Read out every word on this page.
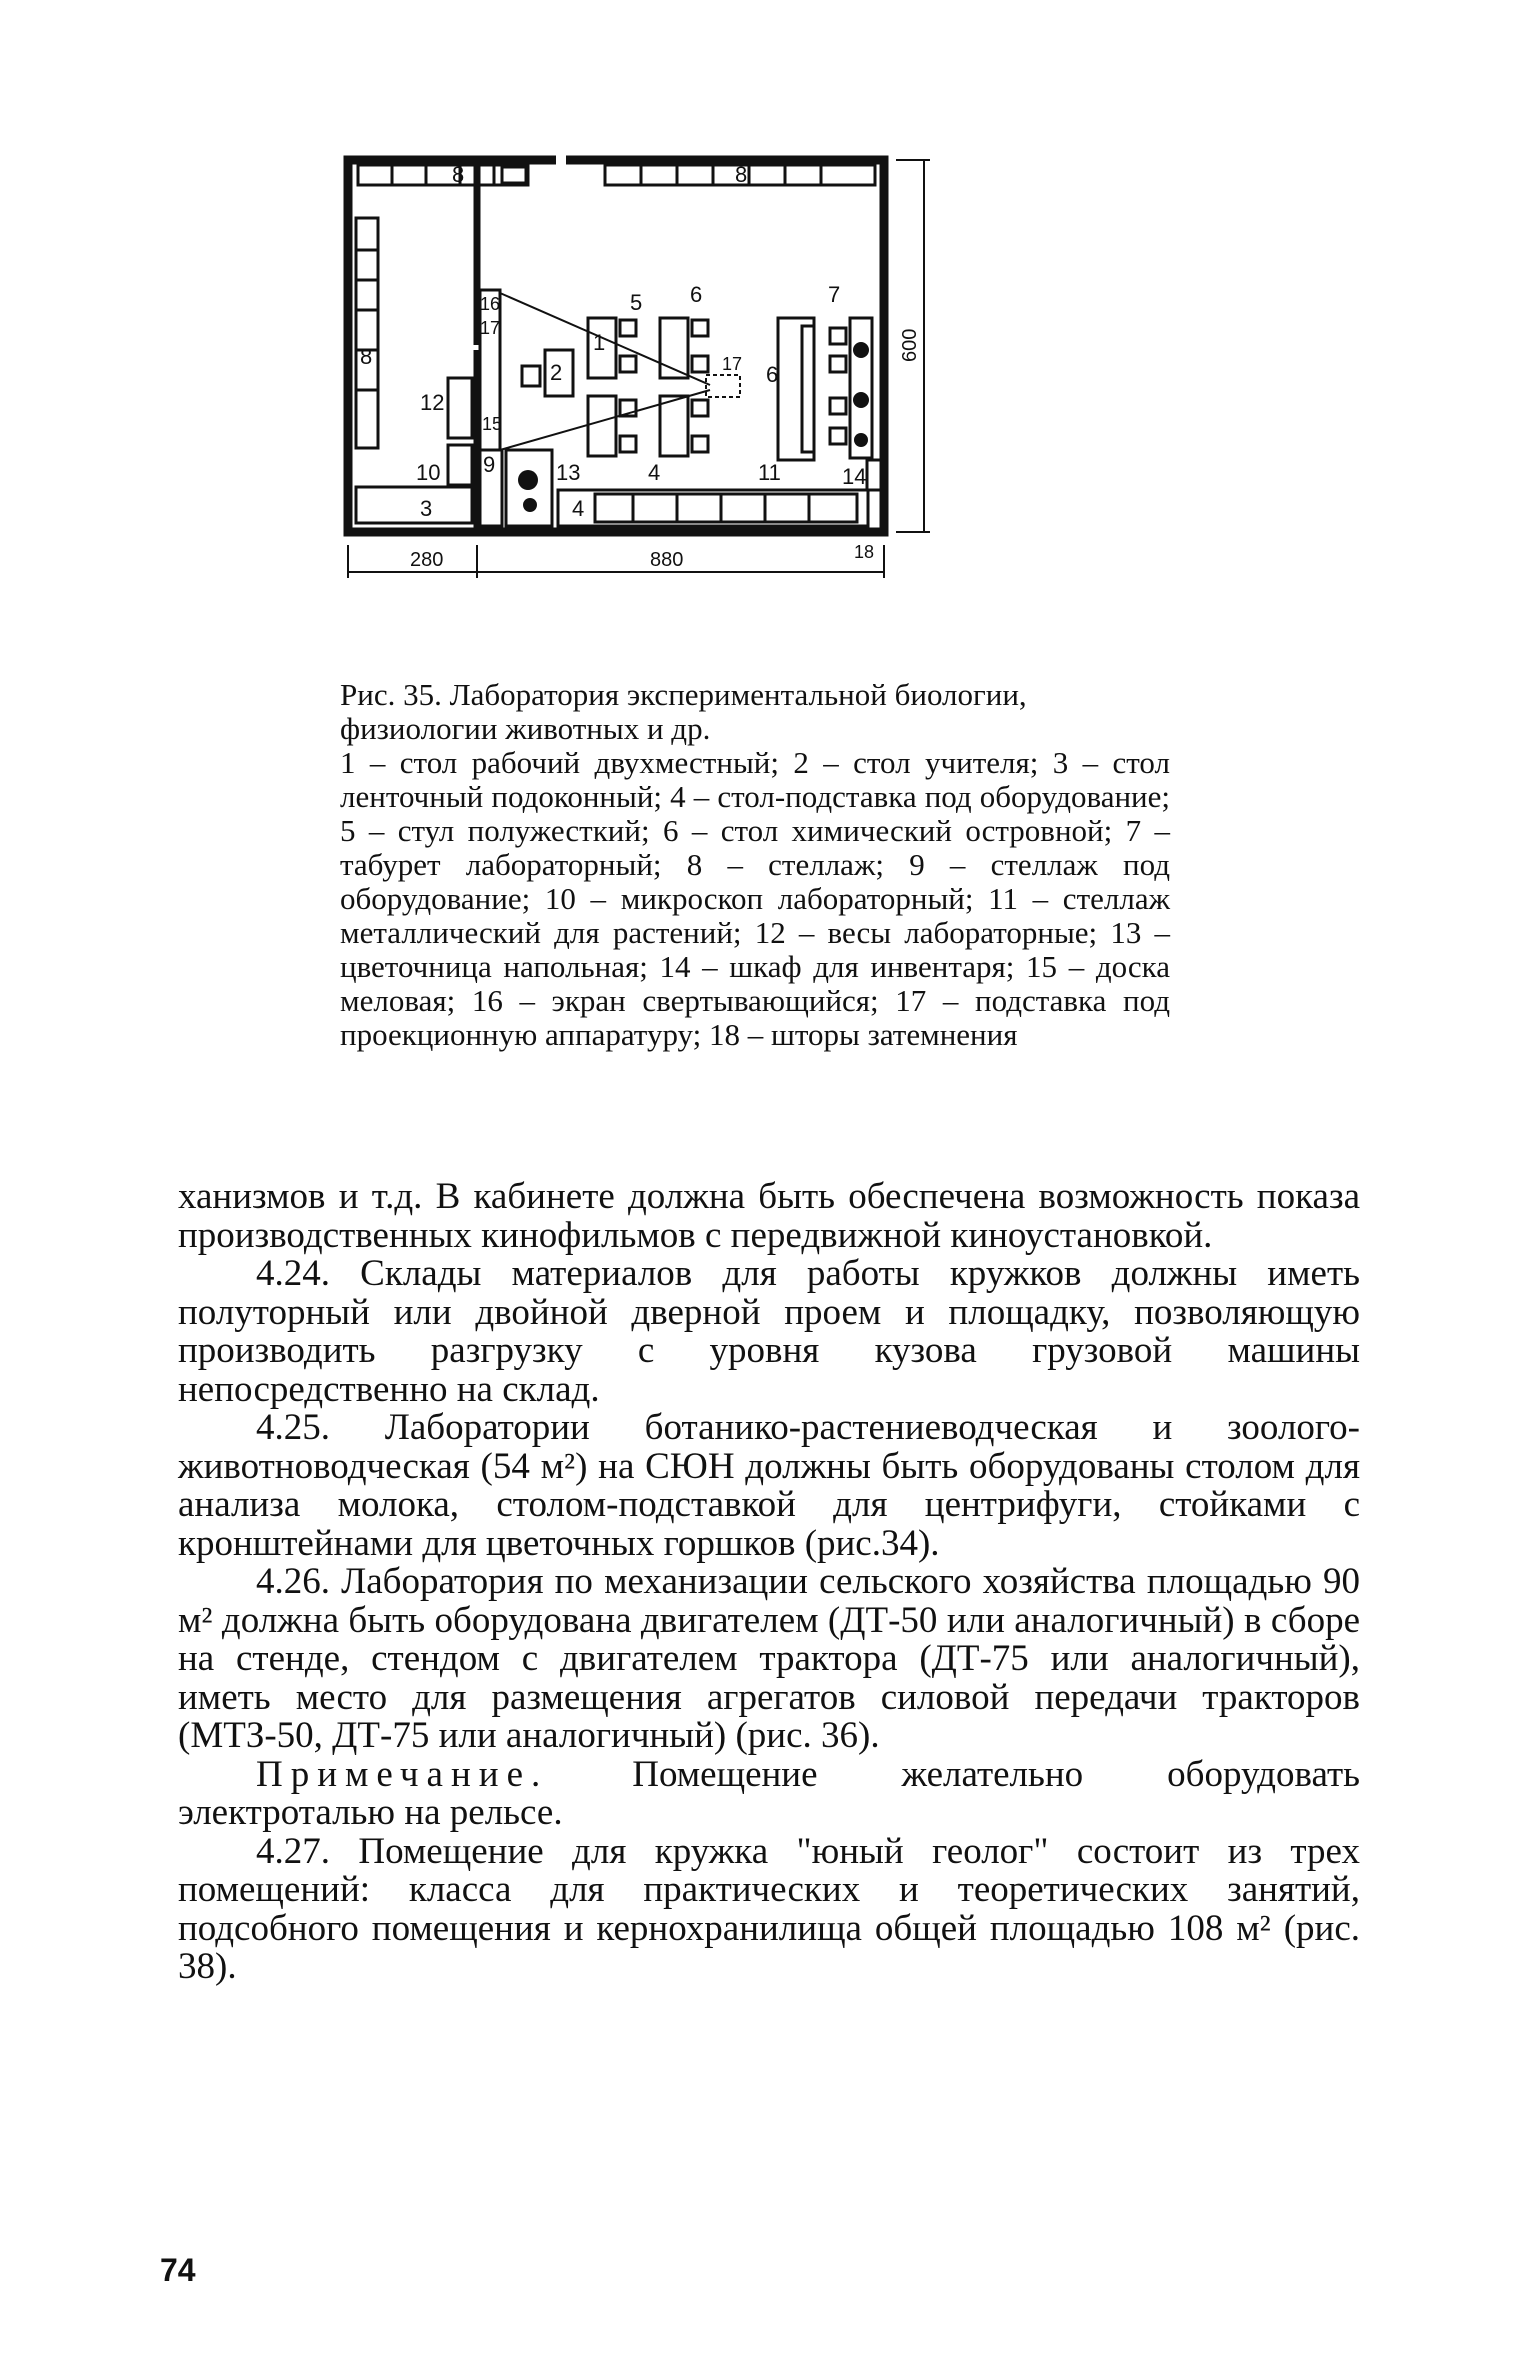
8	8
8
5 6	7
1
6
17
2
16
17
15
12
9
10	13	4
4
11	14
3
18
280	880
600

Рис. 35. Лаборатория экспериментальной биологии, физиологии животных и др.

1 – стол рабочий двухместный; 2 – стол учителя; 3 – стол ленточный подоконный; 4 – стол-подставка под оборудование; 5 – стул полужесткий; 6 – стол химический островной; 7 – табурет лабораторный; 8 – стеллаж; 9 – стеллаж под оборудование; 10 – микроскоп лабораторный; 11 – стеллаж металлический для растений; 12 – весы лабораторные; 13 – цветочница напольная; 14 – шкаф для инвентаря; 15 – доска меловая; 16 – экран свертывающийся; 17 – подставка под проекционную аппаратуру; 18 – шторы затемнения

ханизмов и т.д. В кабинете должна быть обеспечена возможность показа производственных кинофильмов с передвижной киноустановкой.

4.24. Склады материалов для работы кружков должны иметь полуторный или двойной дверной проем и площадку, позволяющую производить разгрузку с уровня кузова грузовой машины непосредственно на склад.

4.25. Лаборатории ботанико-растениеводческая и зоолого-животноводческая (54 м²) на СЮН должны быть оборудованы столом для анализа молока, столом-подставкой для центрифуги, стойками с кронштейнами для цветочных горшков (рис.34).

4.26. Лаборатория по механизации сельского хозяйства площадью 90 м² должна быть оборудована двигателем (ДТ-50 или аналогичный) в сборе на стенде, стендом с двигателем трактора (ДТ-75 или аналогичный), иметь место для размещения агрегатов силовой передачи тракторов (МТЗ-50, ДТ-75 или аналогичный) (рис. 36).

Примечание. Помещение желательно оборудовать электроталью на рельсе.

4.27. Помещение для кружка "юный геолог" состоит из трех помещений: класса для практических и теоретических занятий, подсобного помещения и кернохранилища общей площадью 108 м² (рис. 38).

74
